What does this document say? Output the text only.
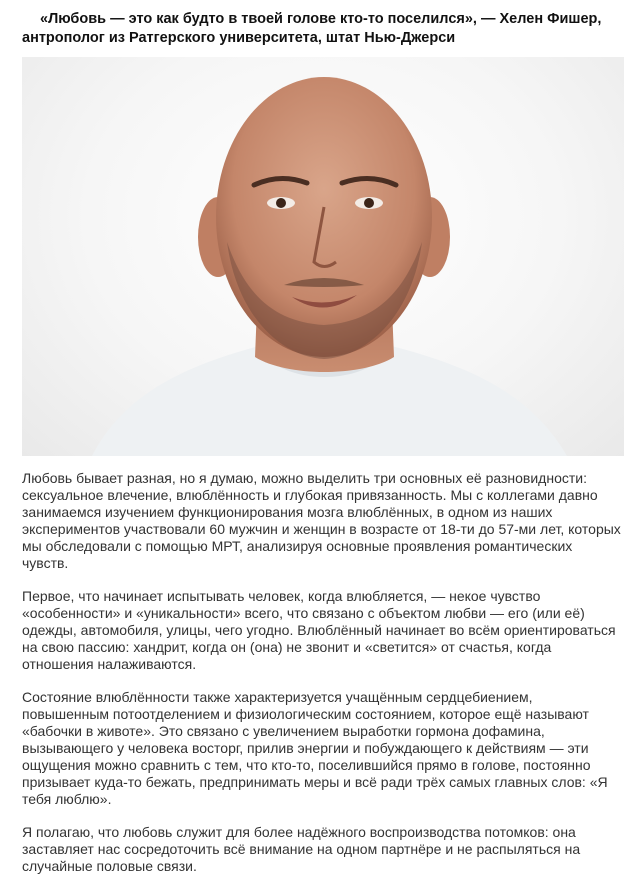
«Любовь — это как будто в твоей голове кто-то поселился», — Хелен Фишер, антрополог из Ратгерского университета, штат Нью-Джерси

Любовь бывает разная, но я думаю, можно выделить три основных её разновидности: сексуальное влечение, влюблённость и глубокая привязанность. Мы с коллегами давно занимаемся изучением функционирования мозга влюблённых, в одном из наших экспериментов участвовали 60 мужчин и женщин в возрасте от 18-ти до 57-ми лет, которых мы обследовали с помощью МРТ, анализируя основные проявления романтических чувств.

Первое, что начинает испытывать человек, когда влюбляется, — некое чувство «особенности» и «уникальности» всего, что связано с объектом любви — его (или её) одежды, автомобиля, улицы, чего угодно. Влюблённый начинает во всём ориентироваться на свою пассию: хандрит, когда он (она) не звонит и «светится» от счастья, когда отношения налаживаются.

Состояние влюблённости также характеризуется учащённым сердцебиением, повышенным потоотделением и физиологическим состоянием, которое ещё называют «бабочки в животе». Это связано с увеличением выработки гормона дофамина, вызывающего у человека восторг, прилив энергии и побуждающего к действиям — эти ощущения можно сравнить с тем, что кто-то, поселившийся прямо в голове, постоянно призывает куда-то бежать, предпринимать меры и всё ради трёх самых главных слов: «Я тебя люблю».

Я полагаю, что любовь служит для более надёжного воспроизводства потомков: она заставляет нас сосредоточить всё внимание на одном партнёре и не распыляться на случайные половые связи.
